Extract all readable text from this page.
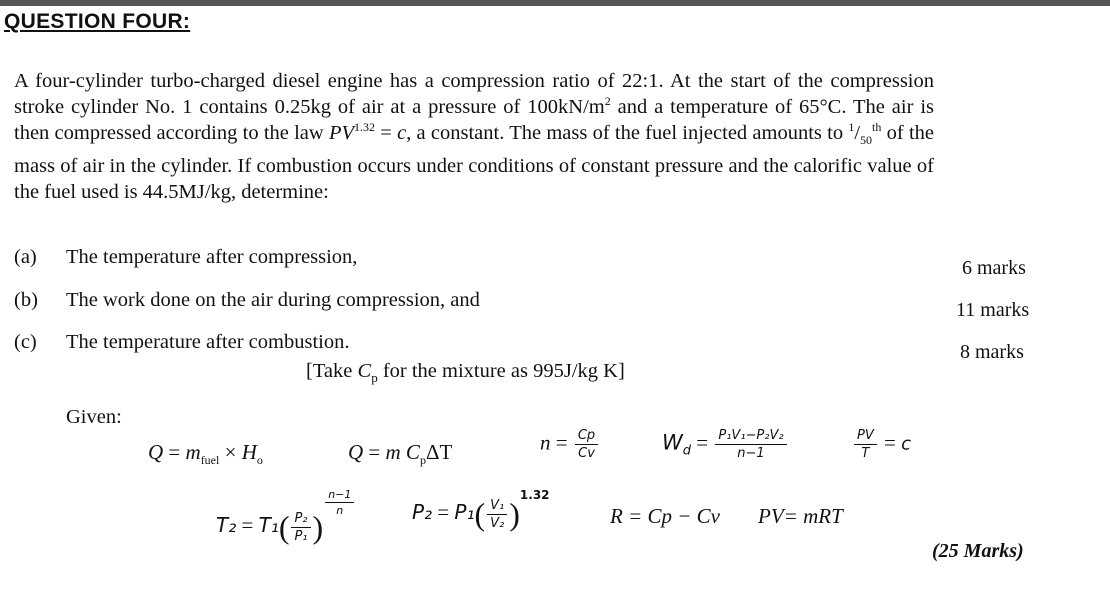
QUESTION FOUR:

A four-cylinder turbo-charged diesel engine has a compression ratio of 22:1. At the start of the compression stroke cylinder No. 1 contains 0.25kg of air at a pressure of $100kN/m^2$ and a temperature of 65°C. The air is then compressed according to the law $PV^{1.32} = c$, a constant. The mass of the fuel injected amounts to $^1/_{50}^{th}$ of the mass of air in the cylinder. If combustion occurs under conditions of constant pressure and the calorific value of the fuel used is 44.5MJ/kg, determine:

(a) The temperature after compression,
(b) The work done on the air during compression, and
(c) The temperature after combustion.
6 marks
11 marks
8 marks
[Take $C_p$ for the mixture as 995J/kg K]
Given:
$Q = m_{fuel} \times H_o$	Q = m $C_p\Delta T$	$n = \frac{Cp}{Cv}$	$W_d = \frac{\text{P₁V₁−P₂V₂}}{n-1}$	$\frac{PV}{T} = c$
$T_2 = T_1( \frac{\text{P₂}}{\text{P₁}}$ )
$\frac{n-1}{n}$	$P_2 = P_1( \frac{\text{V₁}}{\text{V₂}} )^{1.32}$
R = Cp − Cv PV= mRT
(25 Marks)
